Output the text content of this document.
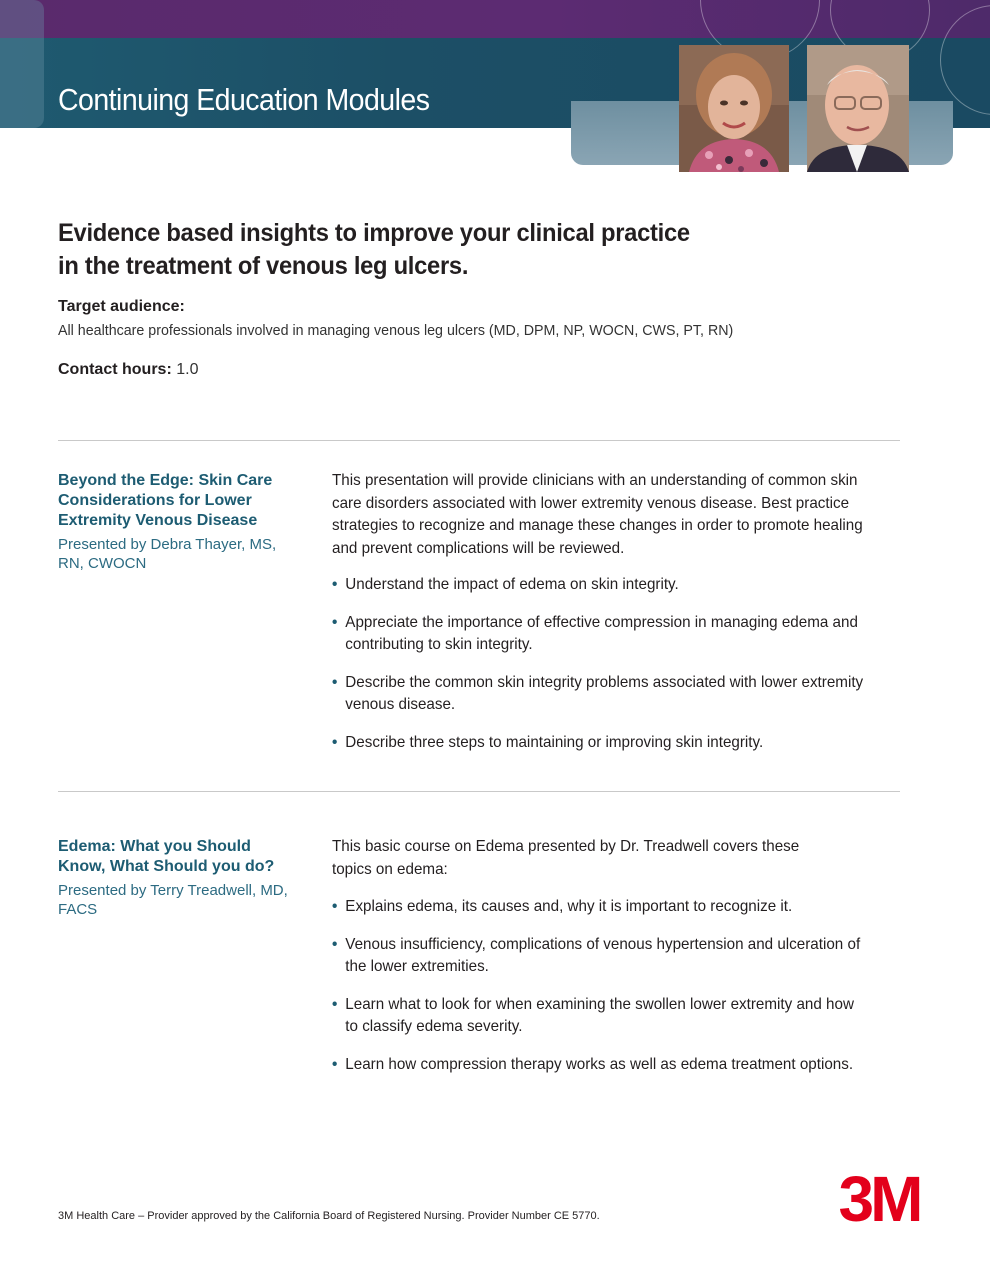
Continuing Education Modules
Evidence based insights to improve your clinical practice
in the treatment of venous leg ulcers.
Target audience:
All healthcare professionals involved in managing venous leg ulcers (MD, DPM, NP, WOCN, CWS, PT, RN)
Contact hours: 1.0
Beyond the Edge: Skin Care Considerations for Lower Extremity Venous Disease
Presented by Debra Thayer, MS, RN, CWOCN
This presentation will provide clinicians with an understanding of common skin care disorders associated with lower extremity venous disease. Best practice strategies to recognize and manage these changes in order to promote healing and prevent complications will be reviewed.
• Understand the impact of edema on skin integrity.
• Appreciate the importance of effective compression in managing edema and contributing to skin integrity.
• Describe the common skin integrity problems associated with lower extremity venous disease.
• Describe three steps to maintaining or improving skin integrity.
Edema: What you Should Know, What Should you do?
Presented by Terry Treadwell, MD, FACS
This basic course on Edema presented by Dr. Treadwell covers these topics on edema:
• Explains edema, its causes and, why it is important to recognize it.
• Venous insufficiency, complications of venous hypertension and ulceration of the lower extremities.
• Learn what to look for when examining the swollen lower extremity and how to classify edema severity.
• Learn how compression therapy works as well as edema treatment options.
3M Health Care – Provider approved by the California Board of Registered Nursing. Provider Number CE 5770.	3M
